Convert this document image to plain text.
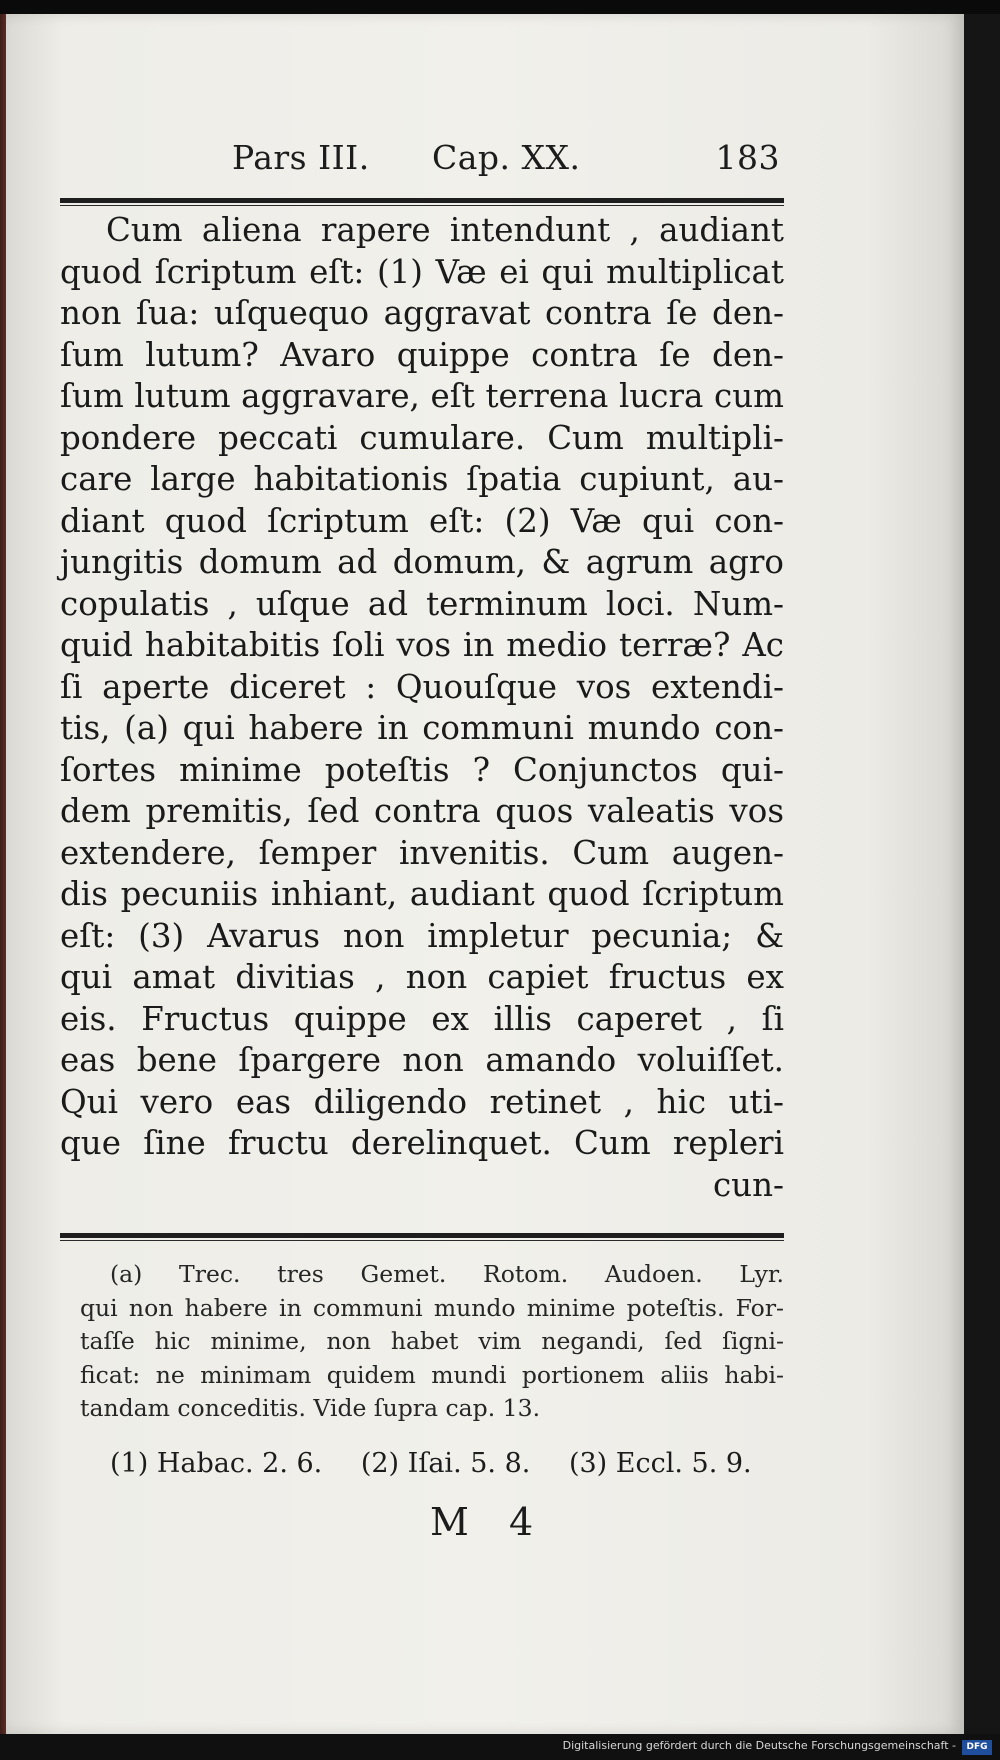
Pars III. Cap. XX.	183
Cum aliena rapere intendunt , audiant
quod ſcriptum eſt: (1) Væ ei qui multiplicat
non ſua: uſquequo aggravat contra ſe den-
ſum lutum? Avaro quippe contra ſe den-
ſum lutum aggravare, eſt terrena lucra cum
pondere peccati cumulare. Cum multipli-
care large habitationis ſpatia cupiunt, au-
diant quod ſcriptum eſt: (2) Væ qui con-
jungitis domum ad domum, & agrum agro
copulatis , uſque ad terminum loci. Num-
quid habitabitis ſoli vos in medio terræ? Ac
ſi aperte diceret : Quouſque vos extendi-
tis, (a) qui habere in communi mundo con-
ſortes minime poteſtis ? Conjunctos qui-
dem premitis, ſed contra quos valeatis vos
extendere, ſemper invenitis. Cum augen-
dis pecuniis inhiant, audiant quod ſcriptum
eſt: (3) Avarus non impletur pecunia; &
qui amat divitias , non capiet fructus ex
eis. Fructus quippe ex illis caperet , ſi
eas bene ſpargere non amando voluiſſet.
Qui vero eas diligendo retinet , hic uti-
que ſine fructu derelinquet. Cum repleri
cun-
(a) Trec. tres Gemet. Rotom. Audoen. Lyr.
qui non habere in communi mundo minime poteſtis. For-
taſſe hic minime, non habet vim negandi, ſed ſigni-
ficat: ne minimam quidem mundi portionem aliis habi-
tandam conceditis. Vide ſupra cap. 13.
(1) Habac. 2. 6. (2) Iſai. 5. 8. (3) Eccl. 5. 9.
M 4
Digitalisierung gefördert durch die Deutsche Forschungsgemeinschaft -	DFG
